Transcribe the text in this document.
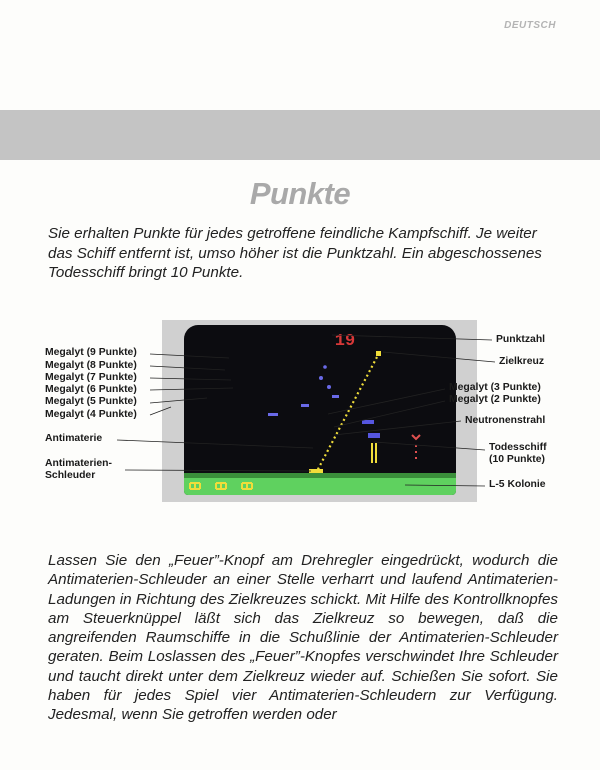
DEUTSCH
Punkte

Sie erhalten Punkte für jedes getroffene feindliche Kampfschiff. Je weiter das Schiff entfernt ist, umso höher ist die Punktzahl. Ein abgeschossenes Todesschiff bringt 10 Punkte.

19
Megalyt (9 Punkte)
Megalyt (8 Punkte)
Megalyt (7 Punkte)
Megalyt (6 Punkte)
Megalyt (5 Punkte)
Megalyt (4 Punkte)
Antimaterie
Antimaterien-
Schleuder
Punktzahl
Zielkreuz
Megalyt (3 Punkte)
Megalyt (2 Punkte)
Neutronenstrahl
Todesschiff
(10 Punkte)
L-5 Kolonie

Lassen Sie den „Feuer”-Knopf am Drehregler eingedrückt, wodurch die Antimaterien-Schleuder an einer Stelle verharrt und laufend Antimaterien-Ladungen in Richtung des Zielkreuzes schickt. Mit Hilfe des Kontrollknopfes am Steuerknüppel läßt sich das Zielkreuz so bewegen, daß die angreifenden Raumschiffe in die Schußlinie der Antimaterien-Schleuder geraten. Beim Loslassen des „Feuer”-Knopfes verschwindet Ihre Schleuder und taucht direkt unter dem Zielkreuz wieder auf. Schießen Sie sofort. Sie haben für jedes Spiel vier Antimaterien-Schleudern zur Verfügung. Jedesmal, wenn Sie getroffen werden oder
